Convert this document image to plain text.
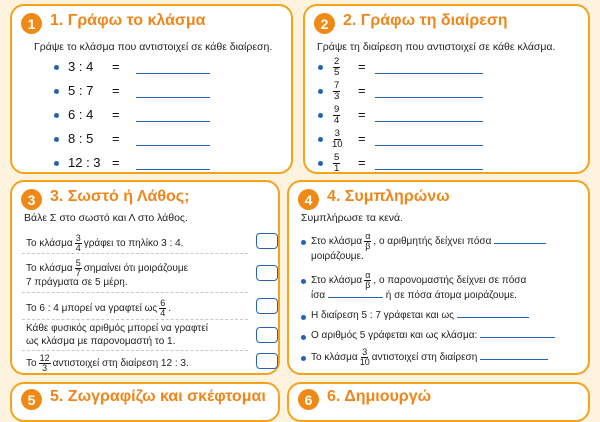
1 1. Γράφω το κλάσμα
Γράψε το κλάσμα που αντιστοιχεί σε κάθε διαίρεση.
3 : 4 =
5 : 7 =
6 : 4 =
8 : 5 =
12 : 3 =
2 2. Γράφω τη διαίρεση
Γράψε τη διαίρεση που αντιστοιχεί σε κάθε κλάσμα.
$\frac{2}{5}$ =
$\frac{7}{3}$ =
$\frac{9}{4}$ =
$\frac{3}{10}$ =
$\frac{5}{1}$ =
3 3. Σωστό ή Λάθος;
Βάλε Σ στο σωστό και Λ στο λάθος.
Το κλάσμα $\frac{3}{4}$ γράφει το πηλίκο 3 : 4.
Το κλάσμα $\frac{5}{7}$ σημαίνει ότι μοιράζουμε
7 πράγματα σε 5 μέρη.
Το 6 : 4 μπορεί να γραφτεί ως $\frac{6}{4}$ .
Κάθε φυσικός αριθμός μπορεί να γραφτεί
ως κλάσμα με παρονομαστή το 1.
Το $\frac{12}{3}$ αντιστοιχεί στη διαίρεση 12 : 3.
4 4. Συμπληρώνω
Συμπλήρωσε τα κενά.
Στο κλάσμα $\frac{\alpha}{\beta}$ , ο αριθμητής δείχνει πόσα
μοιράζουμε.
Στο κλάσμα $\frac{\alpha}{\beta}$ , ο παρονομαστής δείχνει σε πόσα
ίσα	ή σε πόσα άτομα μοιράζουμε.
Η διαίρεση 5 : 7 γράφεται και ως
Ο αριθμός 5 γράφεται και ως κλάσμα:
Το κλάσμα $\frac{3}{10}$ αντιστοιχεί στη διαίρεση
5 5. Ζωγραφίζω και σκέφτομαι	6 6. Δημιουργώ
